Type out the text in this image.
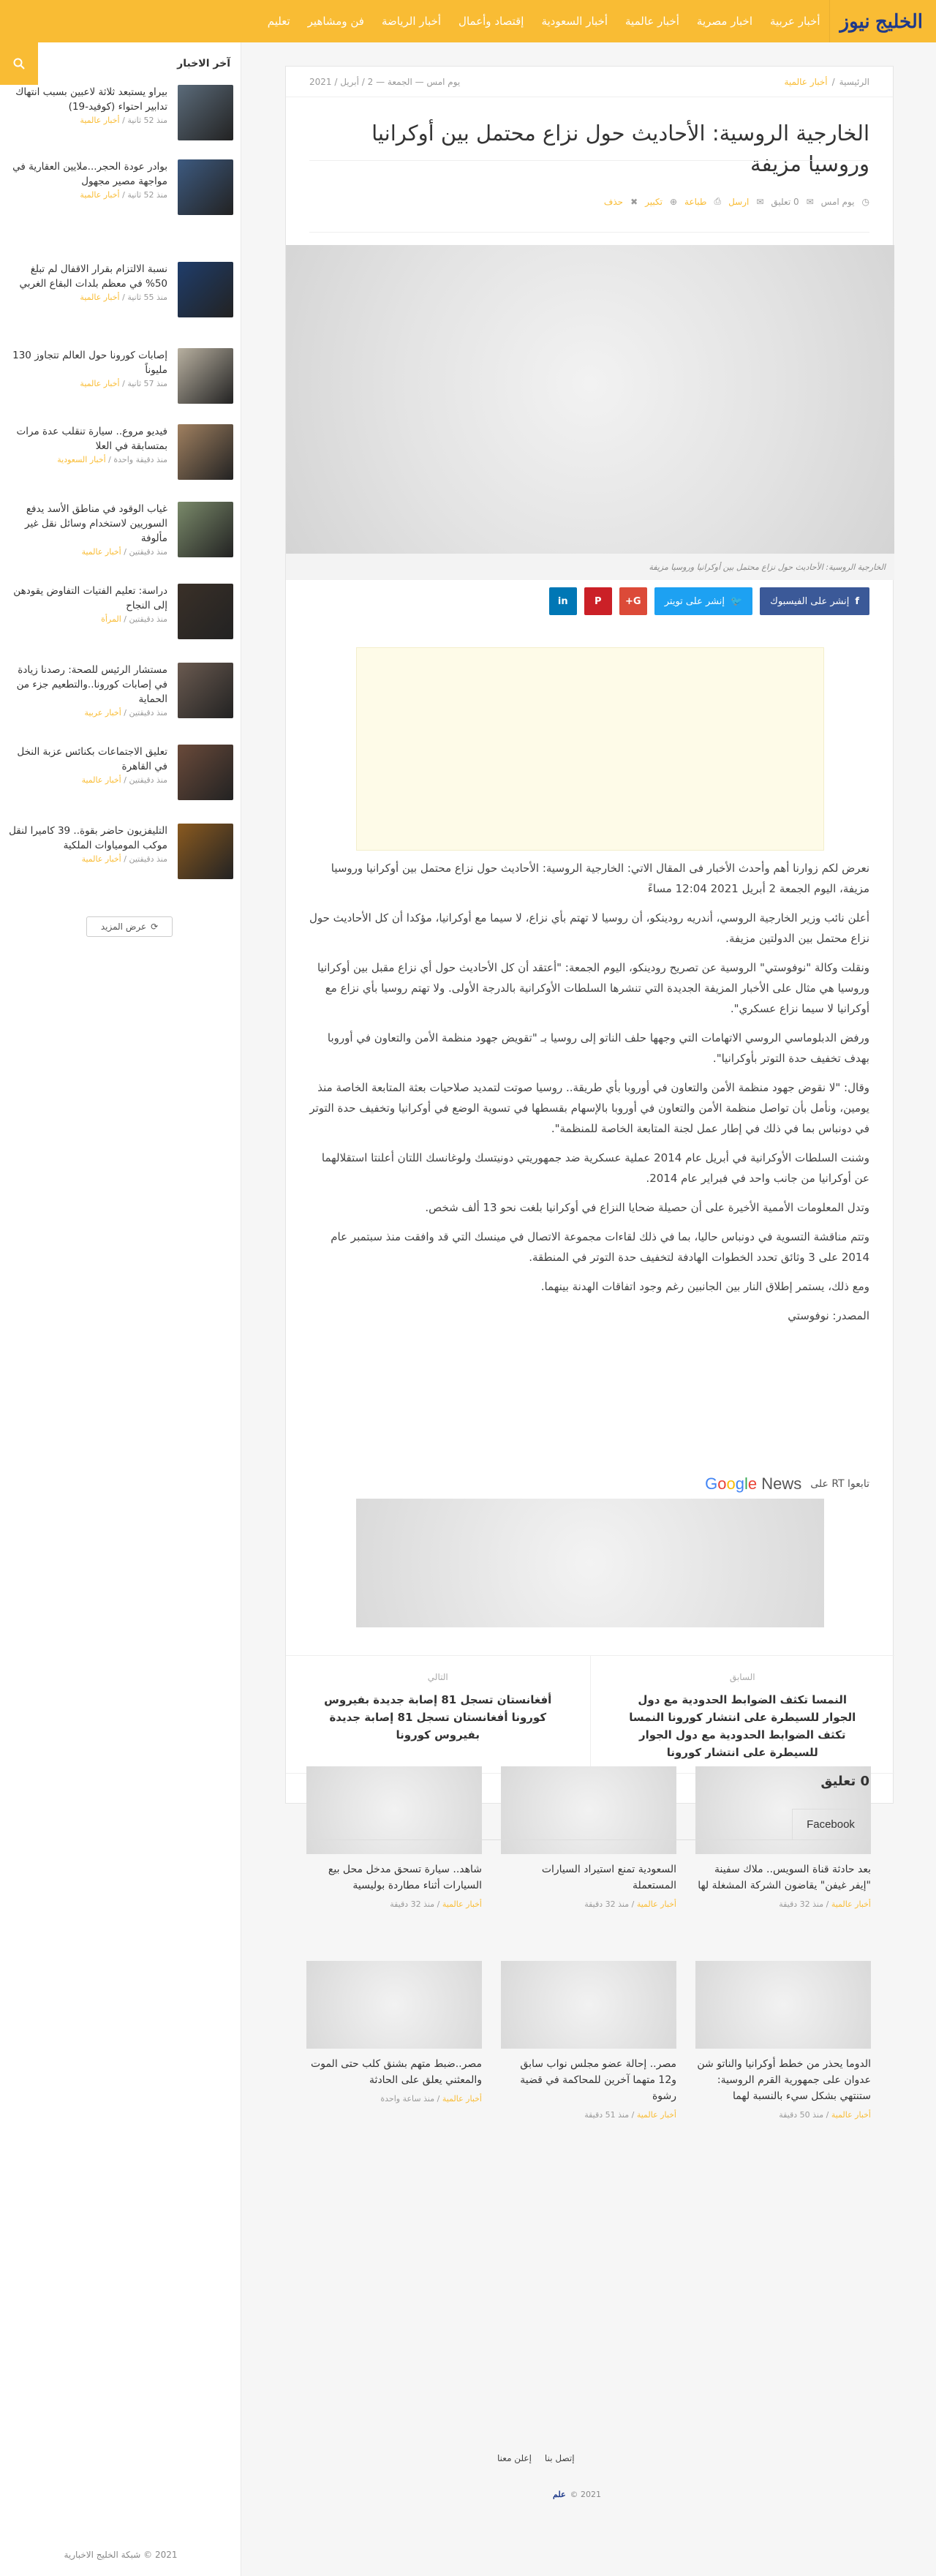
الخليج نيوز
أخبار عربية
اخبار مصرية
أخبار عالمية
أخبار السعودية
إقتصاد وأعمال
أخبار الرياضة
فن ومشاهير
تعليم
آخر الاخبار
بيراو يستبعد ثلاثة لاعبين بسبب انتهاك تدابير احتواء (كوفيد-19)
منذ 52 ثانية / أخبار عالمية
بوادر عودة الحجر...ملايين العقارية في مواجهة مصير مجهول
منذ 52 ثانية / أخبار عالمية
نسبة الالتزام بقرار الاقفال لم تبلغ 50% في معظم بلدات البقاع الغربي
منذ 55 ثانية / أخبار عالمية
إصابات كورونا حول العالم تتجاوز 130 مليوناً
منذ 57 ثانية / أخبار عالمية
فيديو مروع.. سيارة تنقلب عدة مرات بمتسابقة في العلا
منذ دقيقة واحدة / أخبار السعودية
غياب الوقود في مناطق الأسد يدفع السوريين لاستخدام وسائل نقل غير مألوفة
منذ دقيقتين / أخبار عالمية
دراسة: تعليم الفتيات التفاوض يقودهن إلى النجاح
منذ دقيقتين / المرأة
مستشار الرئيس للصحة: رصدنا زيادة في إصابات كورونا..والتطعيم جزء من الحماية
منذ دقيقتين / أخبار عربية
تعليق الاجتماعات بكنائس عزبة النخل في القاهرة
منذ دقيقتين / أخبار عالمية
التليفزيون حاضر بقوة.. 39 كاميرا لنقل موكب المومياوات الملكية
منذ دقيقتين / أخبار عالمية
⟳
عرض المزيد
2021 © شبكة الخليج الاخبارية
الرئيسية
/
أخبار عالمية
يوم امس — الجمعة — 2 / أبريل / 2021
الخارجية الروسية: الأحاديث حول نزاع محتمل بين أوكرانيا وروسيا مزيفة
◷
يوم امس
✉
0 تعليق
✉
ارسل
⎙
طباعة
⊕
تكبير
✖
حذف
الخارجية الروسية: الأحاديث حول نزاع محتمل بين أوكرانيا وروسيا مزيفة
f
إنشر على الفيسبوك
🐦
إنشر على تويتر
G+
P
in

نعرض لكم زوارنا أهم وأحدث الأخبار فى المقال الاتي: الخارجية الروسية: الأحاديث حول نزاع محتمل بين أوكرانيا وروسيا مزيفة، اليوم الجمعة 2 أبريل 2021 12:04 مساءً

أعلن نائب وزير الخارجية الروسي، أندريه رودينكو، أن روسيا لا تهتم بأي نزاع، لا سيما مع أوكرانيا، مؤكدا أن كل الأحاديث حول نزاع محتمل بين الدولتين مزيفة.

ونقلت وكالة "نوفوستي" الروسية عن تصريح رودينكو، اليوم الجمعة: "أعتقد أن كل الأحاديث حول أي نزاع مقبل بين أوكرانيا وروسيا هي مثال على الأخبار المزيفة الجديدة التي تنشرها السلطات الأوكرانية بالدرجة الأولى. ولا تهتم روسيا بأي نزاع مع أوكرانيا لا سيما نزاع عسكري".

ورفض الدبلوماسي الروسي الاتهامات التي وجهها حلف الناتو إلى روسيا بـ "تقويض جهود منظمة الأمن والتعاون في أوروبا بهدف تخفيف حدة التوتر بأوكرانيا".

وقال: "لا نقوض جهود منظمة الأمن والتعاون في أوروبا بأي طريقة.. روسيا صوتت لتمديد صلاحيات بعثة المتابعة الخاصة منذ يومين، ونأمل بأن تواصل منظمة الأمن والتعاون في أوروبا بالإسهام بقسطها في تسوية الوضع في أوكرانيا وتخفيف حدة التوتر في دونباس بما في ذلك في إطار عمل لجنة المتابعة الخاصة للمنظمة".

وشنت السلطات الأوكرانية في أبريل عام 2014 عملية عسكرية ضد جمهوريتي دونيتسك ولوغانسك اللتان أعلنتا استقلالهما عن أوكرانيا من جانب واحد في فبراير عام 2014.

وتدل المعلومات الأممية الأخيرة على أن حصيلة ضحايا النزاع في أوكرانيا بلغت نحو 13 ألف شخص.

وتتم مناقشة التسوية في دونباس حاليا، بما في ذلك لقاءات مجموعة الاتصال في مينسك التي قد وافقت منذ سبتمبر عام 2014 على 3 وثائق تحدد الخطوات الهادفة لتخفيف حدة التوتر في المنطقة.

ومع ذلك، يستمر إطلاق النار بين الجانبين رغم وجود اتفاقات الهدنة بينهما.

المصدر: نوفوستي

تابعوا RT على
Google News
السابق
النمسا تكثف الضوابط الحدودية مع دول الجوار للسيطرة على انتشار كورونا النمسا تكثف الضوابط الحدودية مع دول الجوار للسيطرة على انتشار كورونا
التالي
أفغانستان تسجل 81 إصابة جديدة بفيروس كورونا أفغانستان تسجل 81 إصابة جديدة بفيروس كورونا
بعد حادثة قناة السويس.. ملاك سفينة "إيفر غيفن" يقاضون الشركة المشغلة لها
أخبار عالمية / منذ 32 دقيقة
السعودية تمنع استيراد السيارات المستعملة
أخبار عالمية / منذ 32 دقيقة
شاهد.. سيارة تسحق مدخل محل بيع السيارات أثناء مطاردة بوليسية
أخبار عالمية / منذ 32 دقيقة
الدوما يحذر من خطط أوكرانيا والناتو شن عدوان على جمهورية القرم الروسية: ستنتهي بشكل سيء بالنسبة لهما
أخبار عالمية / منذ 50 دقيقة
مصر.. إحالة عضو مجلس نواب سابق و12 متهما آخرين للمحاكمة في قضية رشوة
أخبار عالمية / منذ 51 دقيقة
مصر..ضبط متهم بشنق كلب حتى الموت والمعثني يعلق على الحادثة
أخبار عالمية / منذ ساعة واحدة
0 تعليق
Facebook
إتصل بنا
إعلن معنا
2021 ©
علم
